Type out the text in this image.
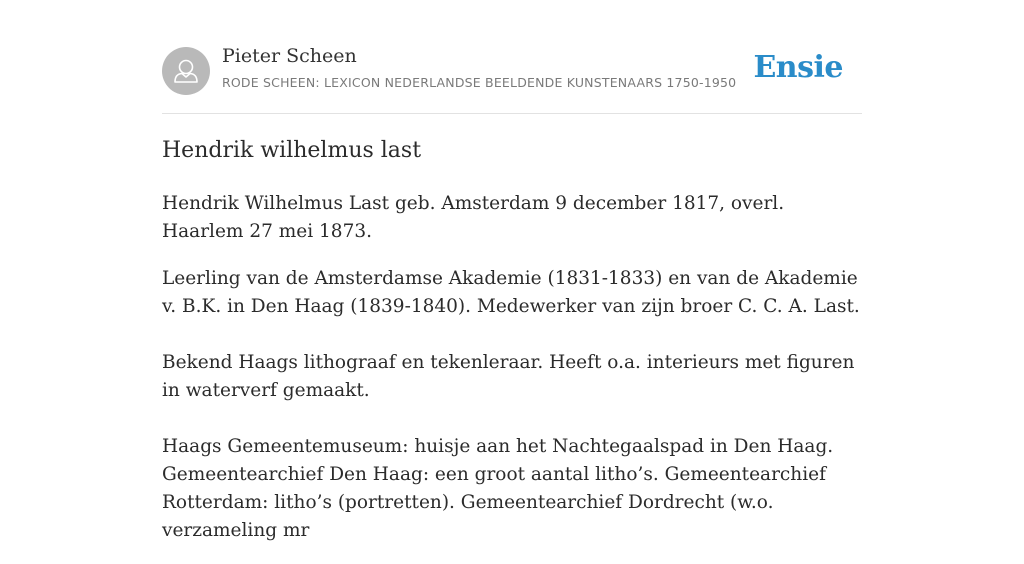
Pieter Scheen
RODE SCHEEN: LEXICON NEDERLANDSE BEELDENDE KUNSTENAARS 1750-1950 Ensie
Hendrik wilhelmus last

Hendrik Wilhelmus Last geb. Amsterdam 9 december 1817, overl. Haarlem 27 mei 1873.

Leerling van de Amsterdamse Akademie (1831-1833) en van de Akademie v. B.K. in Den Haag (1839-1840). Medewerker van zijn broer C. C. A. Last.

Bekend Haags lithograaf en tekenleraar. Heeft o.a. interieurs met figuren in waterverf gemaakt.

Haags Gemeentemuseum: huisje aan het Nachtegaalspad in Den Haag. Gemeentearchief Den Haag: een groot aantal litho’s. Gemeentearchief Rotterdam: litho’s (portretten). Gemeentearchief Dordrecht (w.o. verzameling mr
